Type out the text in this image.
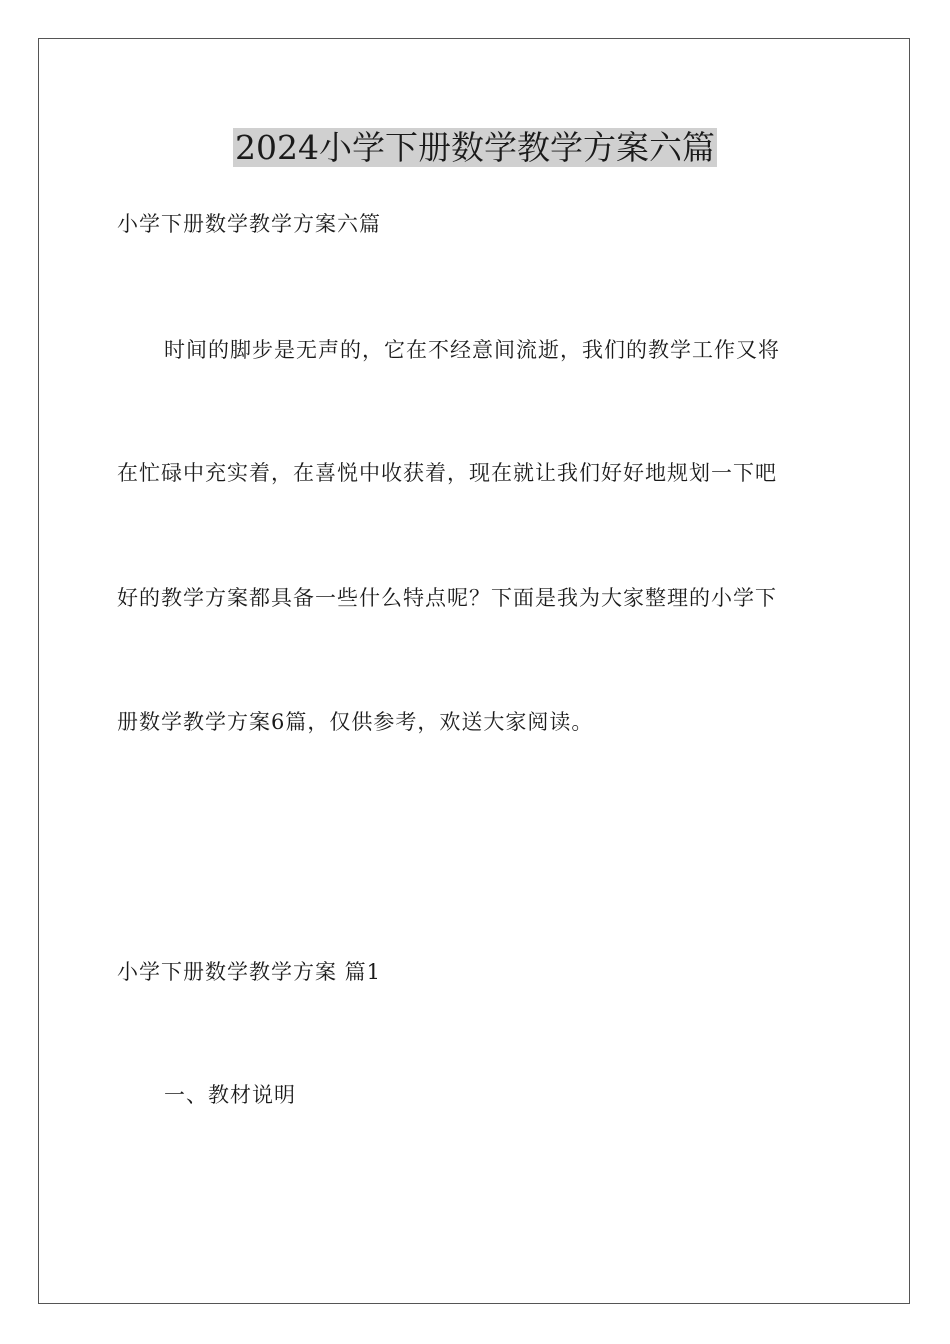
2024小学下册数学教学方案六篇

小学下册数学教学方案六篇

时间的脚步是无声的，它在不经意间流逝，我们的教学工作又将

在忙碌中充实着，在喜悦中收获着，现在就让我们好好地规划一下吧

好的教学方案都具备一些什么特点呢？下面是我为大家整理的小学下

册数学教学方案6篇，仅供参考，欢送大家阅读。

小学下册数学教学方案 篇1

一、教材说明
